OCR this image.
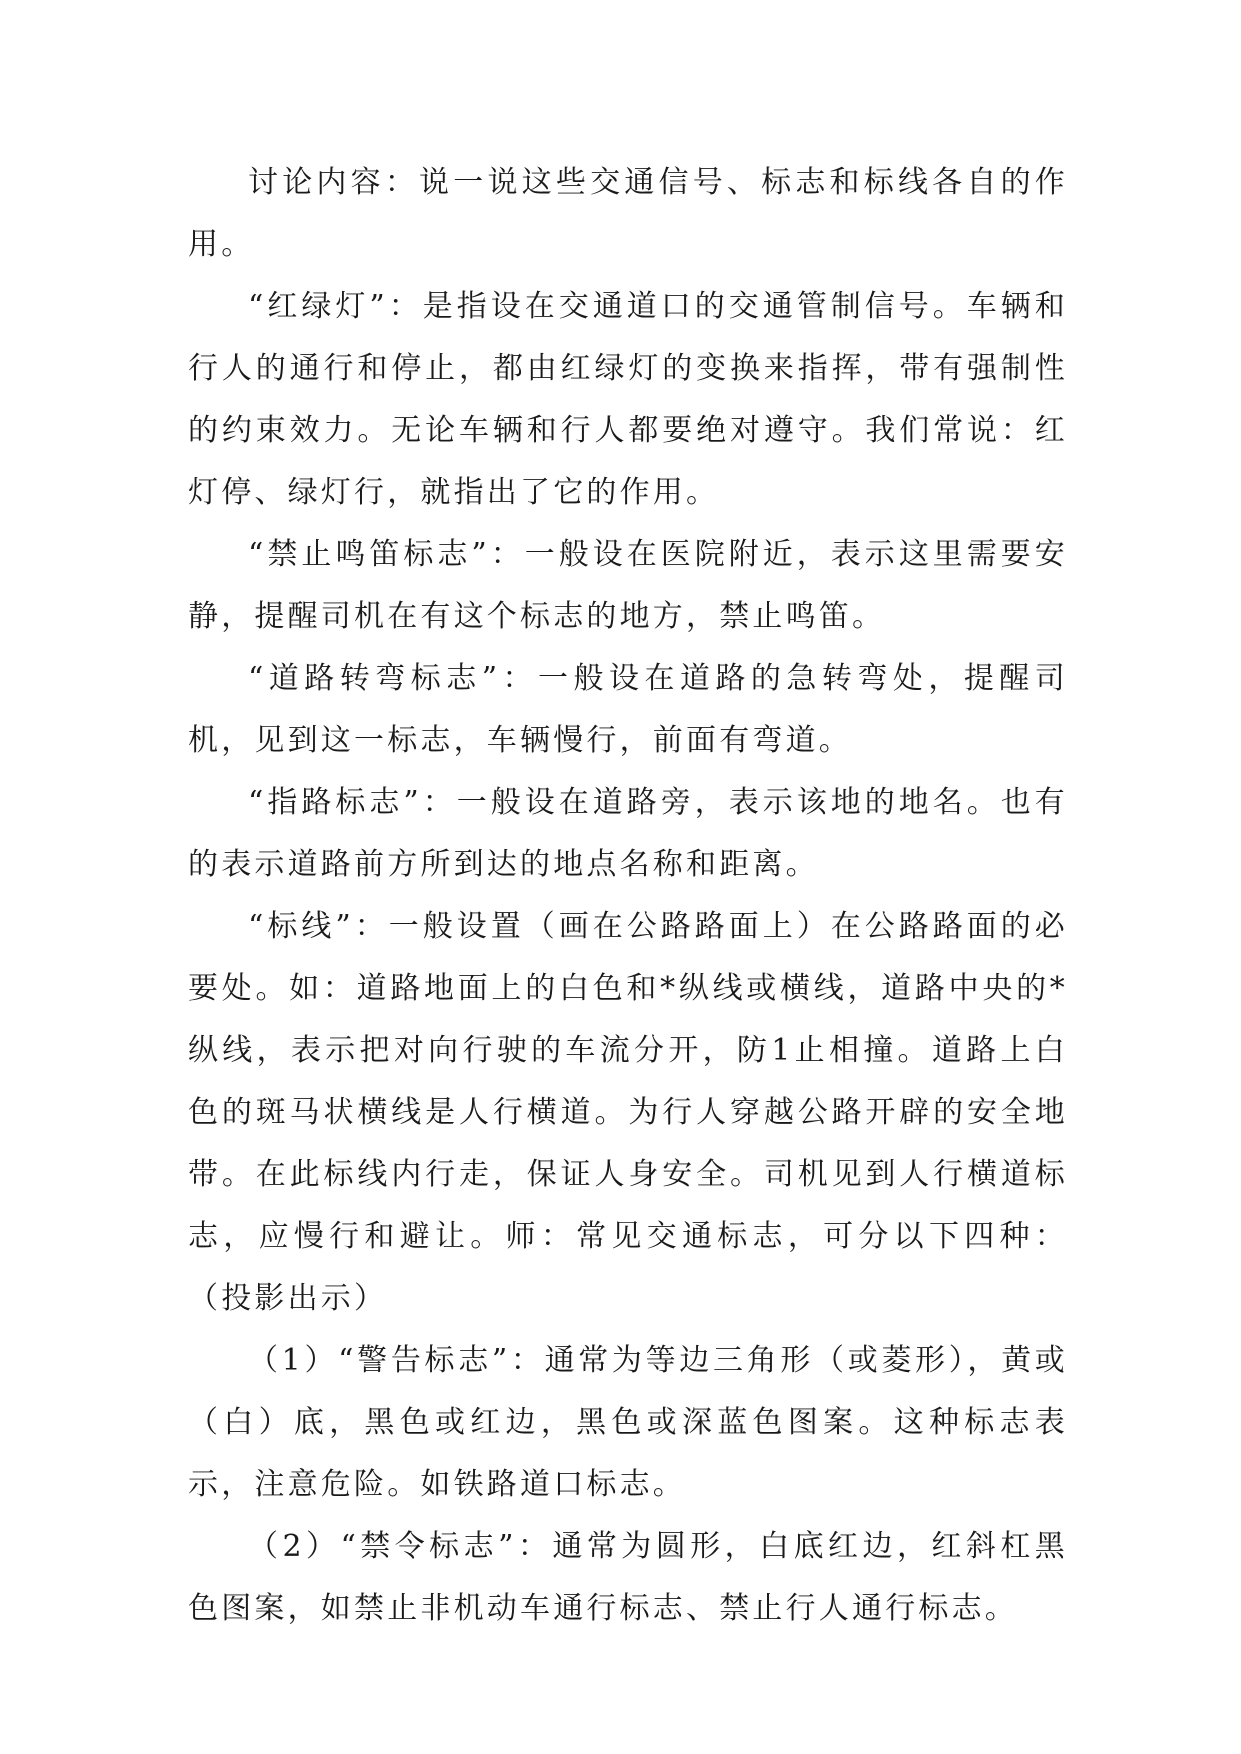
讨论内容：说一说这些交通信号、标志和标线各自的作用。

“红绿灯”：是指设在交通道口的交通管制信号。车辆和行人的通行和停止，都由红绿灯的变换来指挥，带有强制性的约束效力。无论车辆和行人都要绝对遵守。我们常说：红灯停、绿灯行，就指出了它的作用。

“禁止鸣笛标志”：一般设在医院附近，表示这里需要安静，提醒司机在有这个标志的地方，禁止鸣笛。

“道路转弯标志”：一般设在道路的急转弯处，提醒司机，见到这一标志，车辆慢行，前面有弯道。

“指路标志”：一般设在道路旁，表示该地的地名。也有的表示道路前方所到达的地点名称和距离。

“标线”：一般设置（画在公路路面上）在公路路面的必要处。如：道路地面上的白色和*纵线或横线，道路中央的*纵线，表示把对向行驶的车流分开，防1止相撞。道路上白色的斑马状横线是人行横道。为行人穿越公路开辟的安全地带。在此标线内行走，保证人身安全。司机见到人行横道标志，应慢行和避让。师：常见交通标志，可分以下四种：（投影出示）

（1）“警告标志”：通常为等边三角形（或菱形），黄或（白）底，黑色或红边，黑色或深蓝色图案。这种标志表示，注意危险。如铁路道口标志。

（2）“禁令标志”：通常为圆形，白底红边，红斜杠黑色图案，如禁止非机动车通行标志、禁止行人通行标志。
